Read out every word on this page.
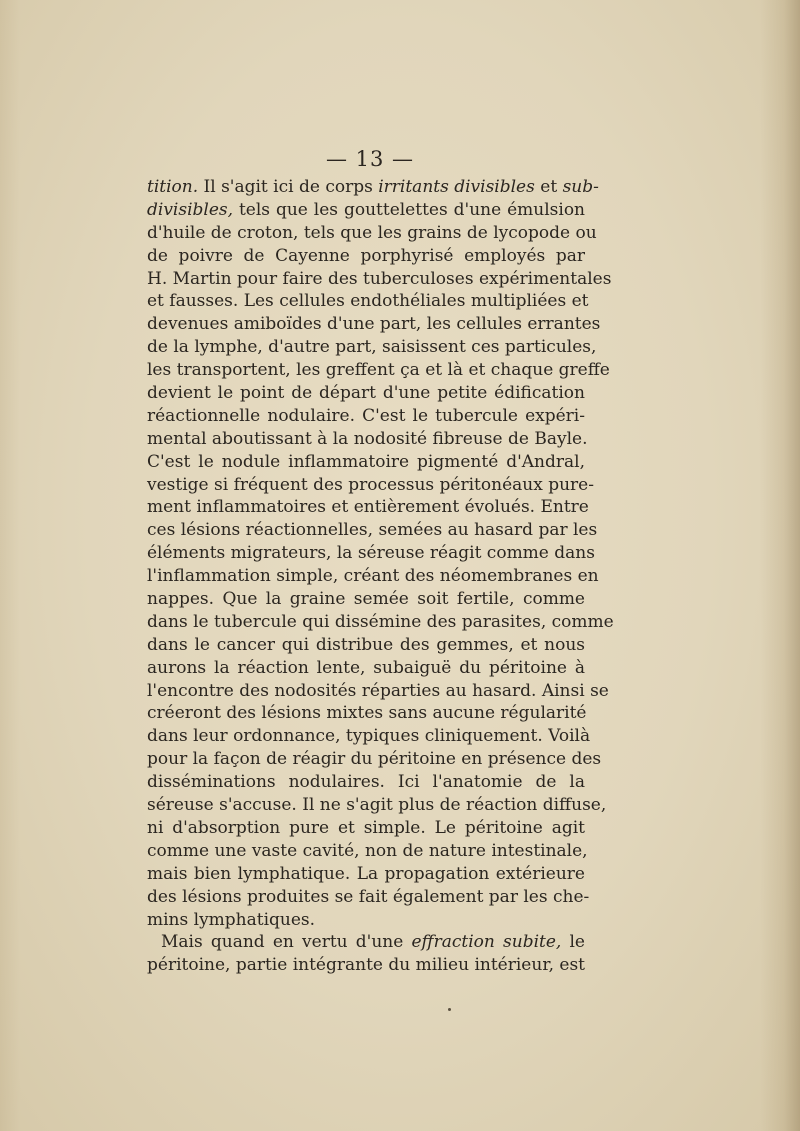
— 13 —
tition. Il s'agit ici de corps irritants divisibles et sub-
divisibles, tels que les gouttelettes d'une émulsion
d'huile de croton, tels que les grains de lycopode ou
de poivre de Cayenne porphyrisé employés par
H. Martin pour faire des tuberculoses expérimentales
et fausses. Les cellules endothéliales multipliées et
devenues amiboïdes d'une part, les cellules errantes
de la lymphe, d'autre part, saisissent ces particules,
les transportent, les greffent ça et là et chaque greffe
devient le point de départ d'une petite édification
réactionnelle nodulaire. C'est le tubercule expéri-
mental aboutissant à la nodosité fibreuse de Bayle.
C'est le nodule inflammatoire pigmenté d'Andral,
vestige si fréquent des processus péritonéaux pure-
ment inflammatoires et entièrement évolués. Entre
ces lésions réactionnelles, semées au hasard par les
éléments migrateurs, la séreuse réagit comme dans
l'inflammation simple, créant des néomembranes en
nappes. Que la graine semée soit fertile, comme
dans le tubercule qui dissémine des parasites, comme
dans le cancer qui distribue des gemmes, et nous
aurons la réaction lente, subaiguë du péritoine à
l'encontre des nodosités réparties au hasard. Ainsi se
créeront des lésions mixtes sans aucune régularité
dans leur ordonnance, typiques cliniquement. Voilà
pour la façon de réagir du péritoine en présence des
disséminations nodulaires. Ici l'anatomie de la
séreuse s'accuse. Il ne s'agit plus de réaction diffuse,
ni d'absorption pure et simple. Le péritoine agit
comme une vaste cavité, non de nature intestinale,
mais bien lymphatique. La propagation extérieure
des lésions produites se fait également par les che-
mins lymphatiques.
Mais quand en vertu d'une effraction subite, le
péritoine, partie intégrante du milieu intérieur, est
